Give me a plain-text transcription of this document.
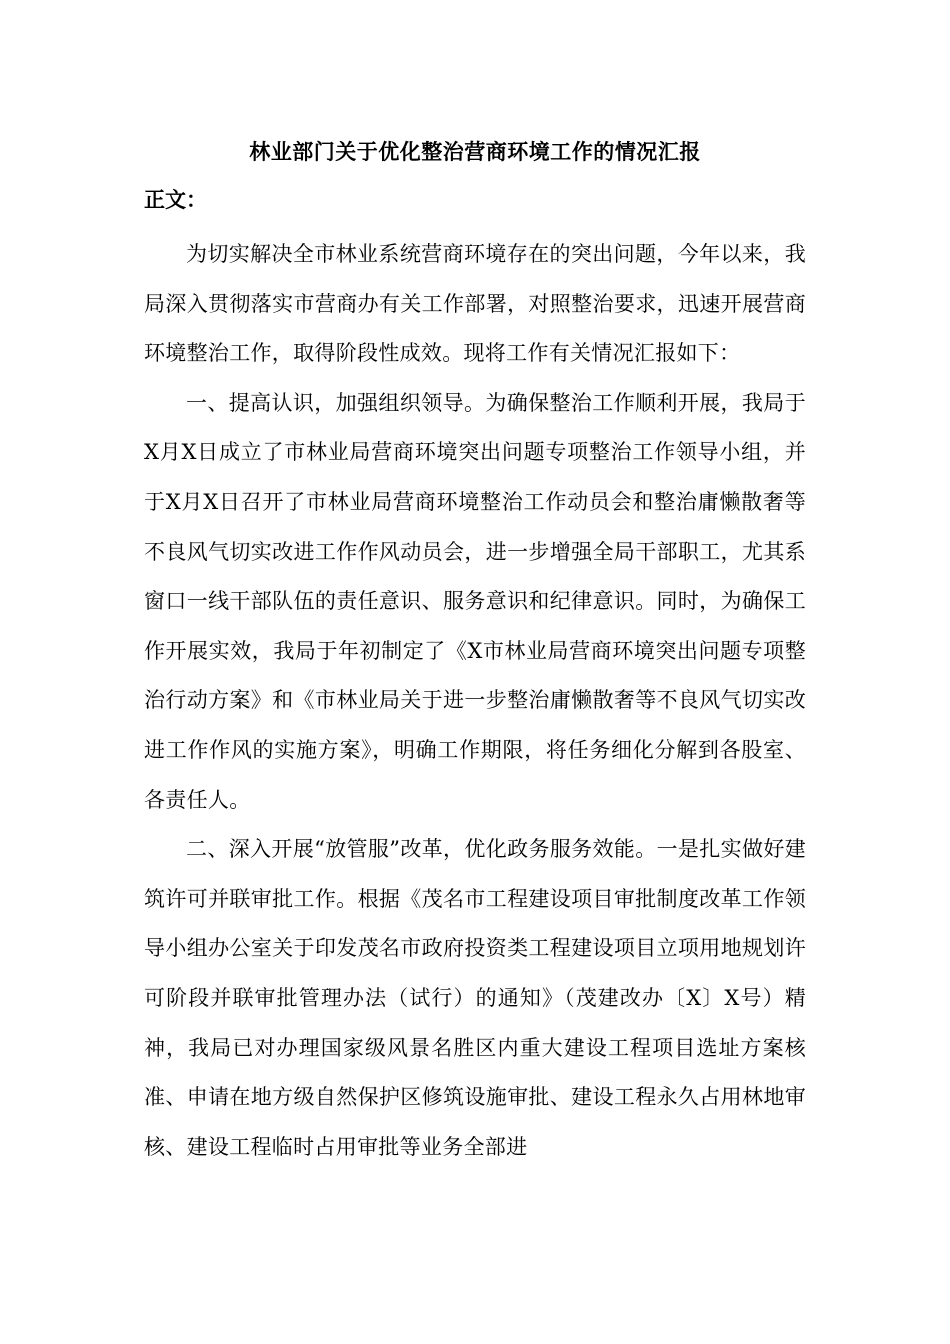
林业部门关于优化整治营商环境工作的情况汇报
正文：

为切实解决全市林业系统营商环境存在的突出问题，今年以来，我局深入贯彻落实市营商办有关工作部署，对照整治要求，迅速开展营商环境整治工作，取得阶段性成效。现将工作有关情况汇报如下：

一、提高认识，加强组织领导。为确保整治工作顺利开展，我局于X月X日成立了市林业局营商环境突出问题专项整治工作领导小组，并于X月X日召开了市林业局营商环境整治工作动员会和整治庸懒散奢等不良风气切实改进工作作风动员会，进一步增强全局干部职工，尤其系窗口一线干部队伍的责任意识、服务意识和纪律意识。同时，为确保工作开展实效，我局于年初制定了《X市林业局营商环境突出问题专项整治行动方案》和《市林业局关于进一步整治庸懒散奢等不良风气切实改进工作作风的实施方案》，明确工作期限，将任务细化分解到各股室、各责任人。

二、深入开展“放管服”改革，优化政务服务效能。一是扎实做好建筑许可并联审批工作。根据《茂名市工程建设项目审批制度改革工作领导小组办公室关于印发茂名市政府投资类工程建设项目立项用地规划许可阶段并联审批管理办法（试行）的通知》（茂建改办〔X〕X号）精神，我局已对办理国家级风景名胜区内重大建设工程项目选址方案核准、申请在地方级自然保护区修筑设施审批、建设工程永久占用林地审核、建设工程临时占用审批等业务全部进
